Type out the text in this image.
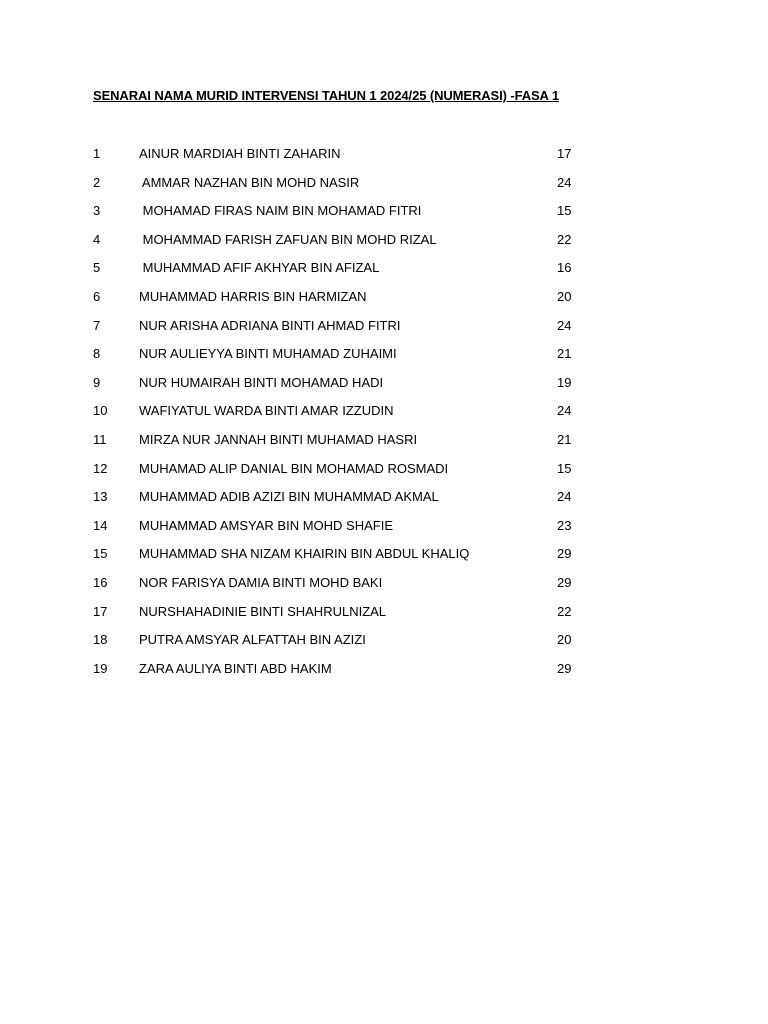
SENARAI NAMA MURID INTERVENSI TAHUN 1 2024/25 (NUMERASI) -FASA 1
1	AINUR MARDIAH BINTI ZAHARIN	17
2	AMMAR NAZHAN BIN MOHD NASIR	24
3	MOHAMAD FIRAS NAIM BIN MOHAMAD FITRI	15
4	MOHAMMAD FARISH ZAFUAN BIN MOHD RIZAL	22
5	MUHAMMAD AFIF AKHYAR BIN AFIZAL	16
6	MUHAMMAD HARRIS BIN HARMIZAN	20
7	NUR ARISHA ADRIANA BINTI AHMAD FITRI	24
8	NUR AULIEYYA BINTI MUHAMAD ZUHAIMI	21
9	NUR HUMAIRAH BINTI MOHAMAD HADI	19
10 WAFIYATUL WARDA BINTI AMAR IZZUDIN	24
11	MIRZA NUR JANNAH BINTI MUHAMAD HASRI	21
12 MUHAMAD ALIP DANIAL BIN MOHAMAD ROSMADI	15
13 MUHAMMAD ADIB AZIZI BIN MUHAMMAD AKMAL	24
14 MUHAMMAD AMSYAR BIN MOHD SHAFIE	23
15 MUHAMMAD SHA NIZAM KHAIRIN BIN ABDUL KHALIQ	29
16 NOR FARISYA DAMIA BINTI MOHD BAKI	29
17 NURSHAHADINIE BINTI SHAHRULNIZAL	22
18 PUTRA AMSYAR ALFATTAH BIN AZIZI	20
19 ZARA AULIYA BINTI ABD HAKIM	29
